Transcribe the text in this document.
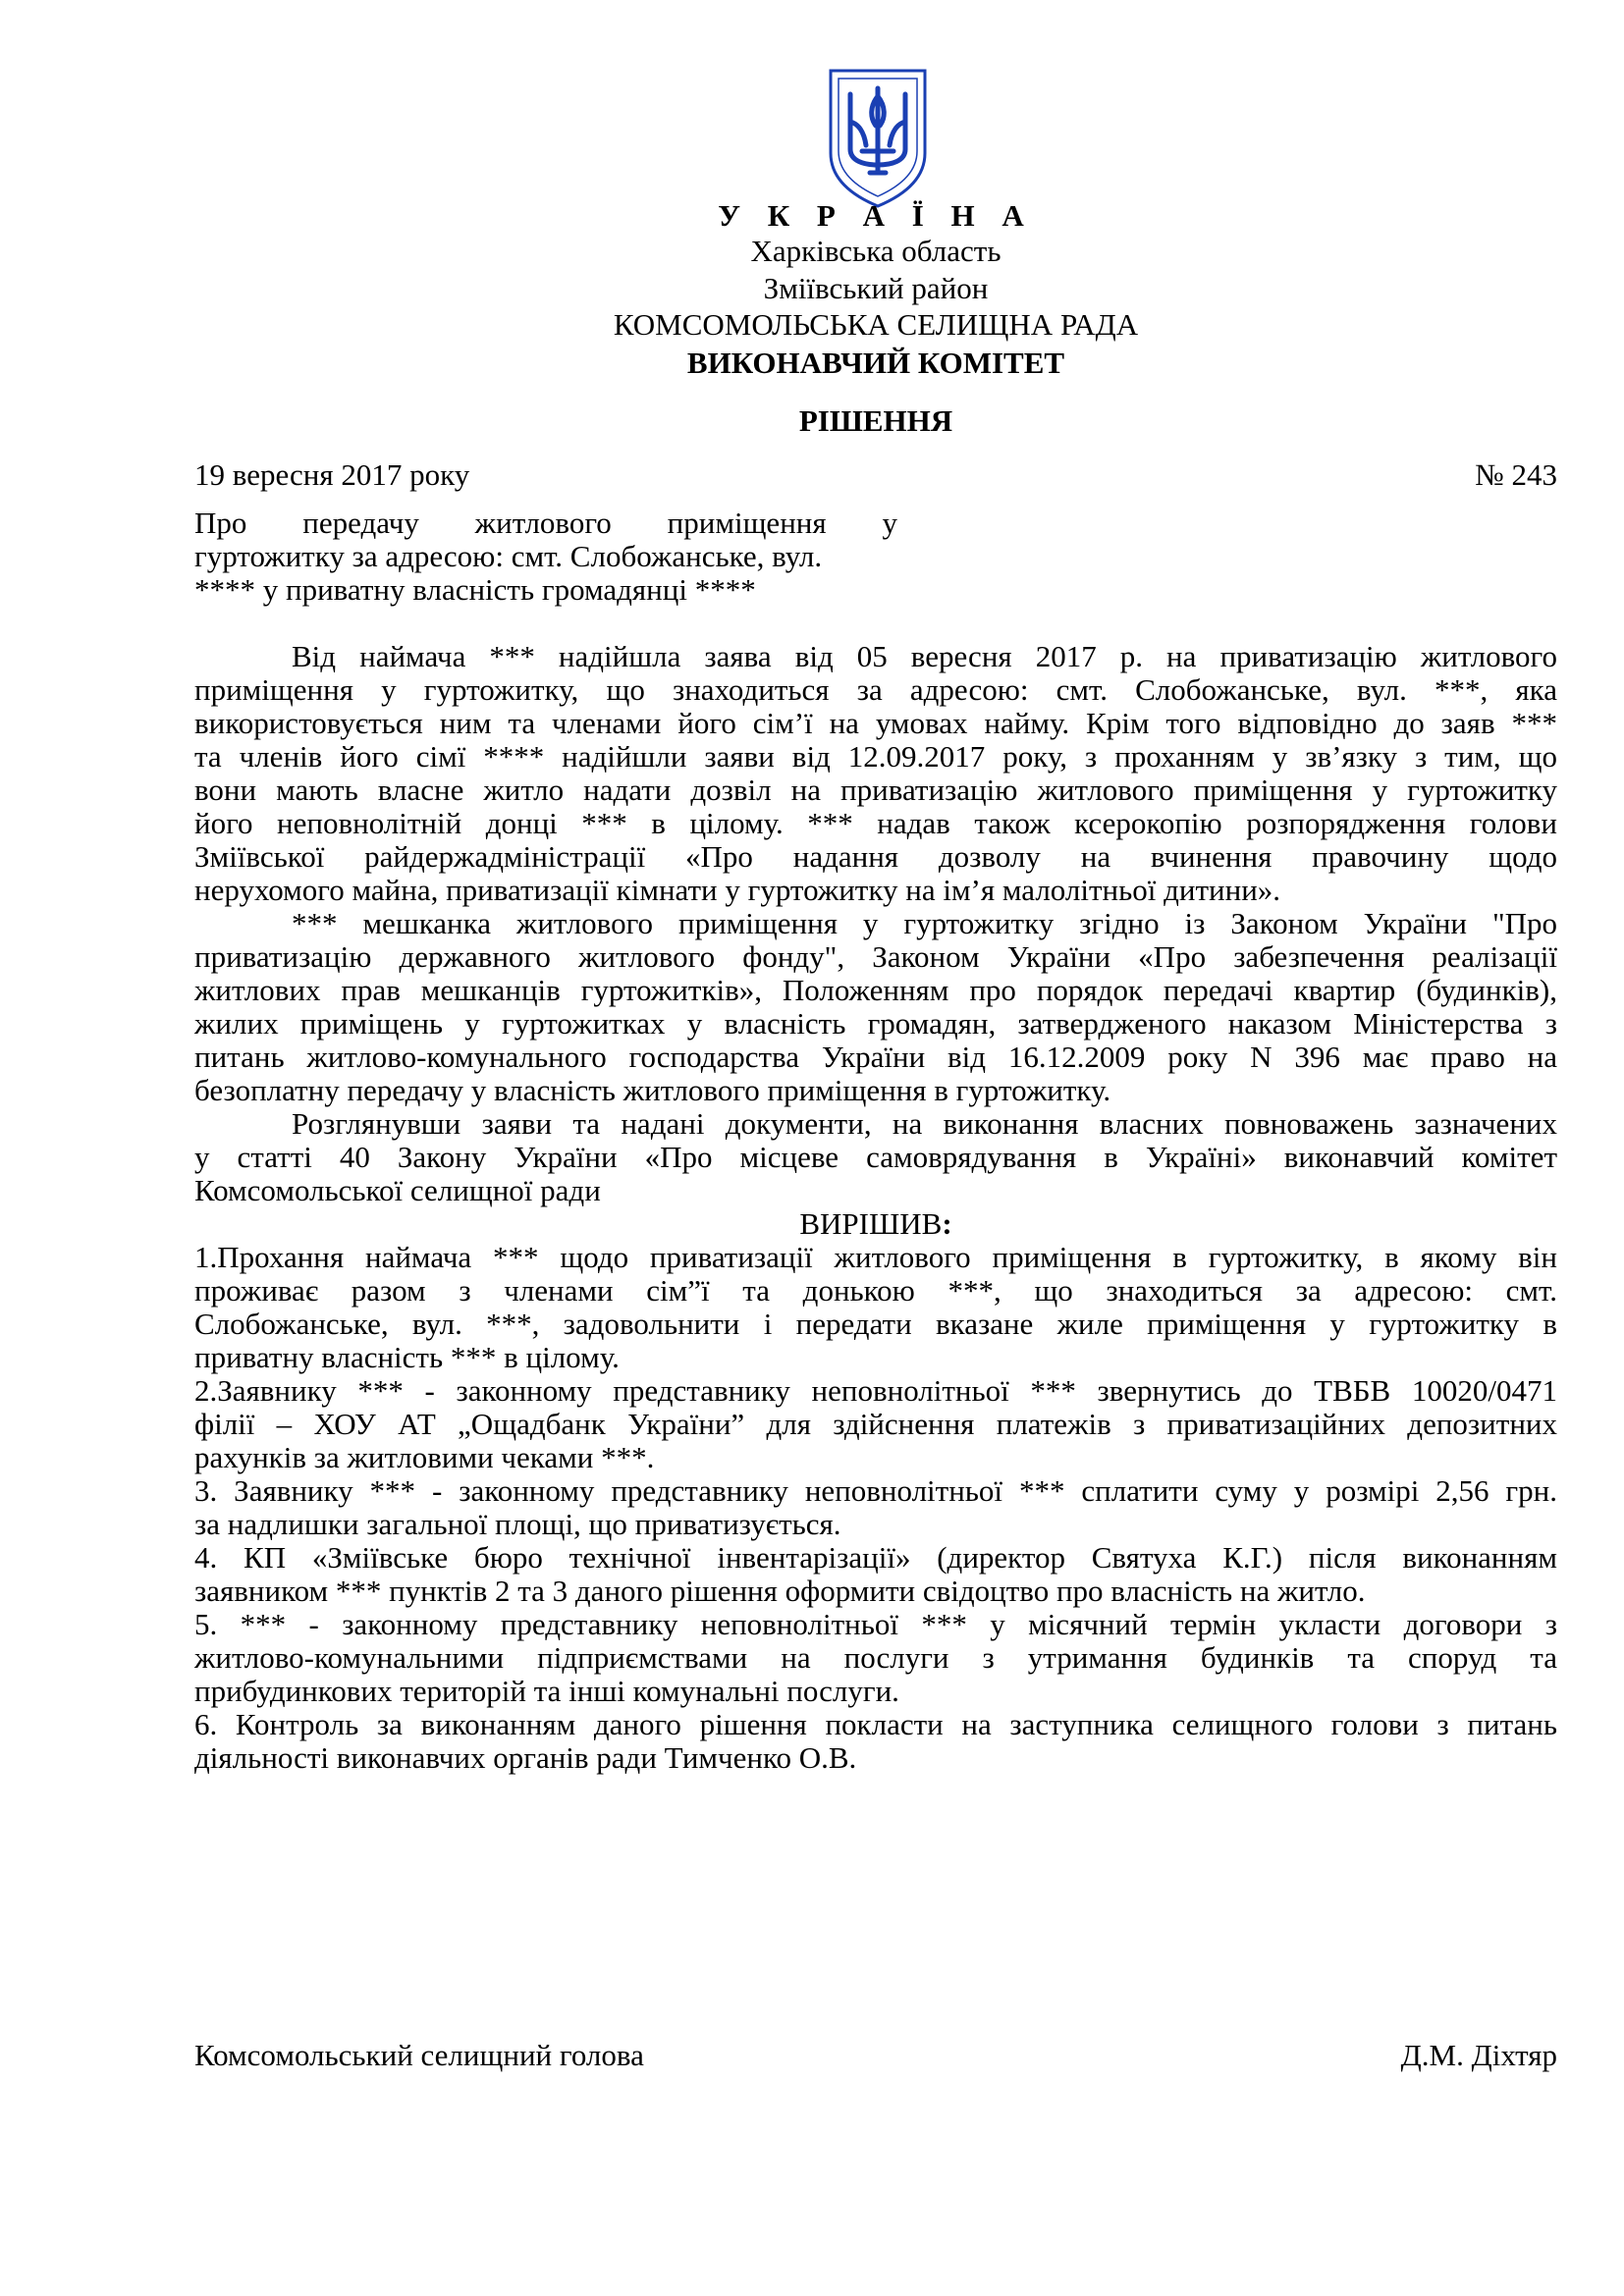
У К Р А Ї Н А
Харківська область
Зміївський район
КОМСОМОЛЬСЬКА СЕЛИЩНА РАДА
ВИКОНАВЧИЙ КОМІТЕТ
РІШЕННЯ
19 вересня 2017 року	№ 243
Про передачу житлового приміщення у
гуртожитку за адресою: смт. Слобожанське, вул.
**** у приватну власність громадянці ****
Від наймача *** надійшла заява від 05 вересня 2017 р. на приватизацію житлового
приміщення у гуртожитку, що знаходиться за адресою: смт. Слобожанське, вул. ***, яка
використовується ним та членами його сім’ї на умовах найму. Крім того відповідно до заяв ***
та членів його сімї **** надійшли заяви від 12.09.2017 року, з проханням у зв’язку з тим, що
вони мають власне житло надати дозвіл на приватизацію житлового приміщення у гуртожитку
його неповнолітній донці *** в цілому. *** надав також ксерокопію розпорядження голови
Зміївської райдержадміністрації «Про надання дозволу на вчинення правочину щодо
нерухомого майна, приватизації кімнати у гуртожитку на ім’я малолітньої дитини».
*** мешканка житлового приміщення у гуртожитку згідно із Законом України "Про
приватизацію державного житлового фонду", Законом України «Про забезпечення реалізації
житлових прав мешканців гуртожитків», Положенням про порядок передачі квартир (будинків),
жилих приміщень у гуртожитках у власність громадян, затвердженого наказом Міністерства з
питань житлово-комунального господарства України від 16.12.2009 року N 396 має право на
безоплатну передачу у власність житлового приміщення в гуртожитку.
Розглянувши заяви та надані документи, на виконання власних повноважень зазначених
у статті 40 Закону України «Про місцеве самоврядування в Україні» виконавчий комітет
Комсомольської селищної ради
ВИРІШИВ:
1.Прохання наймача *** щодо приватизації житлового приміщення в гуртожитку, в якому він
проживає разом з членами сім”ї та донькою ***, що знаходиться за адресою: смт.
Слобожанське, вул. ***, задовольнити і передати вказане жиле приміщення у гуртожитку в
приватну власність *** в цілому.
2.Заявнику *** - законному представнику неповнолітньої *** звернутись до ТВБВ 10020/0471
філії – ХОУ АТ „Ощадбанк України” для здійснення платежів з приватизаційних депозитних
рахунків за житловими чеками ***.
3. Заявнику *** - законному представнику неповнолітньої *** сплатити суму у розмірі 2,56 грн.
за надлишки загальної площі, що приватизується.
4. КП «Зміївське бюро технічної інвентарізації» (директор Святуха К.Г.) після виконанням
заявником *** пунктів 2 та 3 даного рішення оформити свідоцтво про власність на житло.
5. *** - законному представнику неповнолітньої *** у місячний термін укласти договори з
житлово-комунальними підприємствами на послуги з утримання будинків та споруд та
прибудинкових територій та інші комунальні послуги.
6. Контроль за виконанням даного рішення покласти на заступника селищного голови з питань
діяльності виконавчих органів ради Тимченко О.В.
Комсомольський селищний голова	Д.М. Діхтяр
